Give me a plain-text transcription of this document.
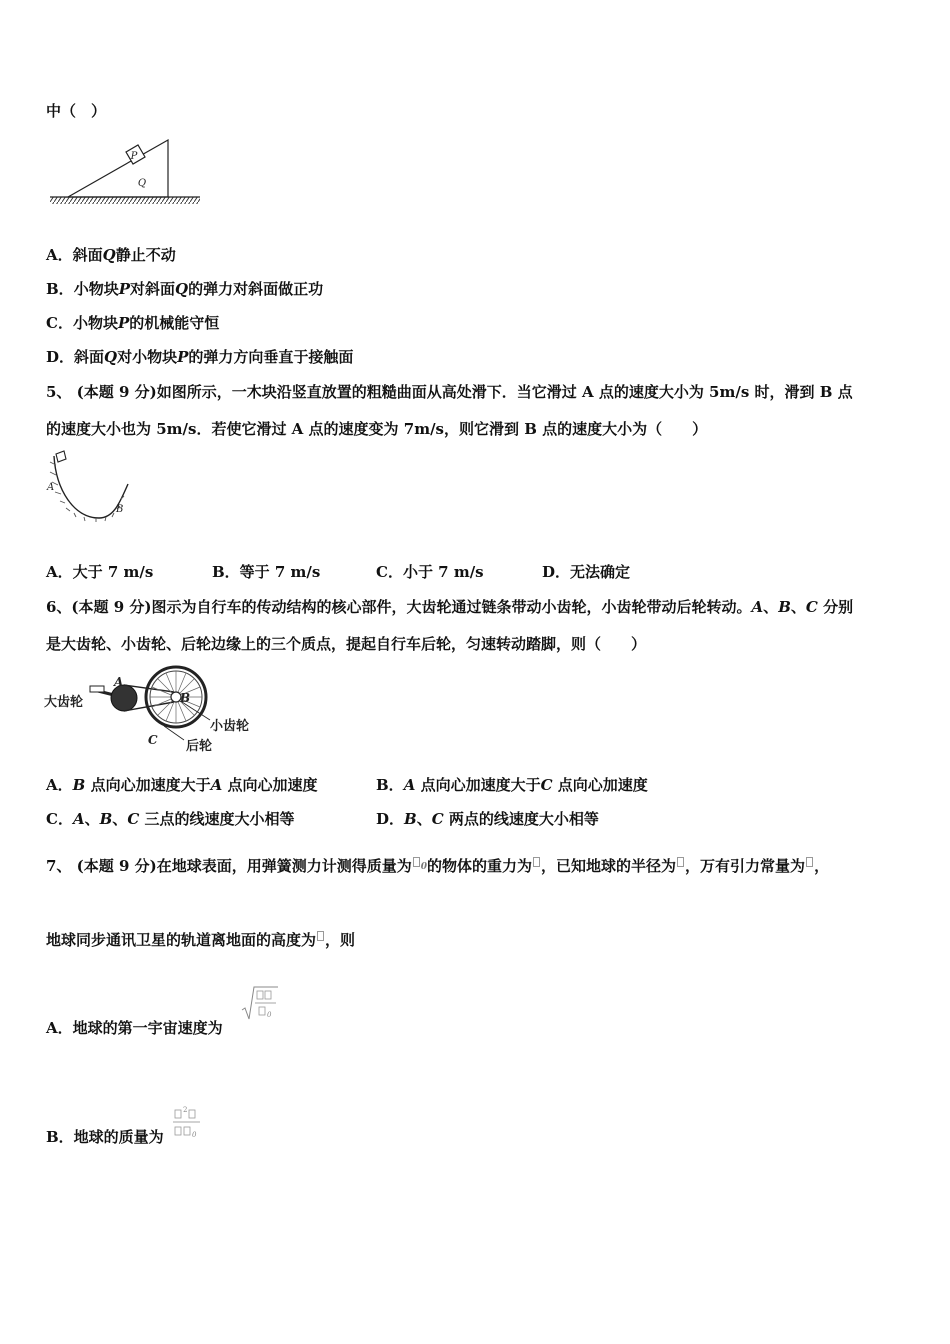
中（　）
P
Q
A．斜面Q静止不动
B．小物块P对斜面Q的弹力对斜面做正功
C．小物块P的机械能守恒
D．斜面Q对小物块P的弹力方向垂直于接触面
5、 (本题 9 分)如图所示，一木块沿竖直放置的粗糙曲面从高处滑下．当它滑过 A 点的速度大小为 5m/s 时，滑到 B 点
的速度大小也为 5m/s．若使它滑过 A 点的速度变为 7m/s，则它滑到 B 点的速度大小为（　　）
A
B
A．大于 7 m/s	B．等于 7 m/s	C．小于 7 m/s	D．无法确定
6、(本题 9 分)图示为自行车的传动结构的核心部件，大齿轮通过链条带动小齿轮，小齿轮带动后轮转动。A、B、C 分别
是大齿轮、小齿轮、后轮边缘上的三个质点，提起自行车后轮，匀速转动踏脚，则（　　）
大齿轮
A
B
C
小齿轮
后轮
A．B 点向心加速度大于A 点向心加速度	B．A 点向心加速度大于C 点向心加速度
C．A、B、C 三点的线速度大小相等	D．B、C 两点的线速度大小相等
7、 (本题 9 分)在地球表面，用弹簧测力计测得质量为 0的物体的重力为 ，已知地球的半径为 ，万有引力常量为 ，
地球同步通讯卫星的轨道离地面的高度为 ，则
A．地球的第一宇宙速度为
0
B．地球的质量为
2
0
